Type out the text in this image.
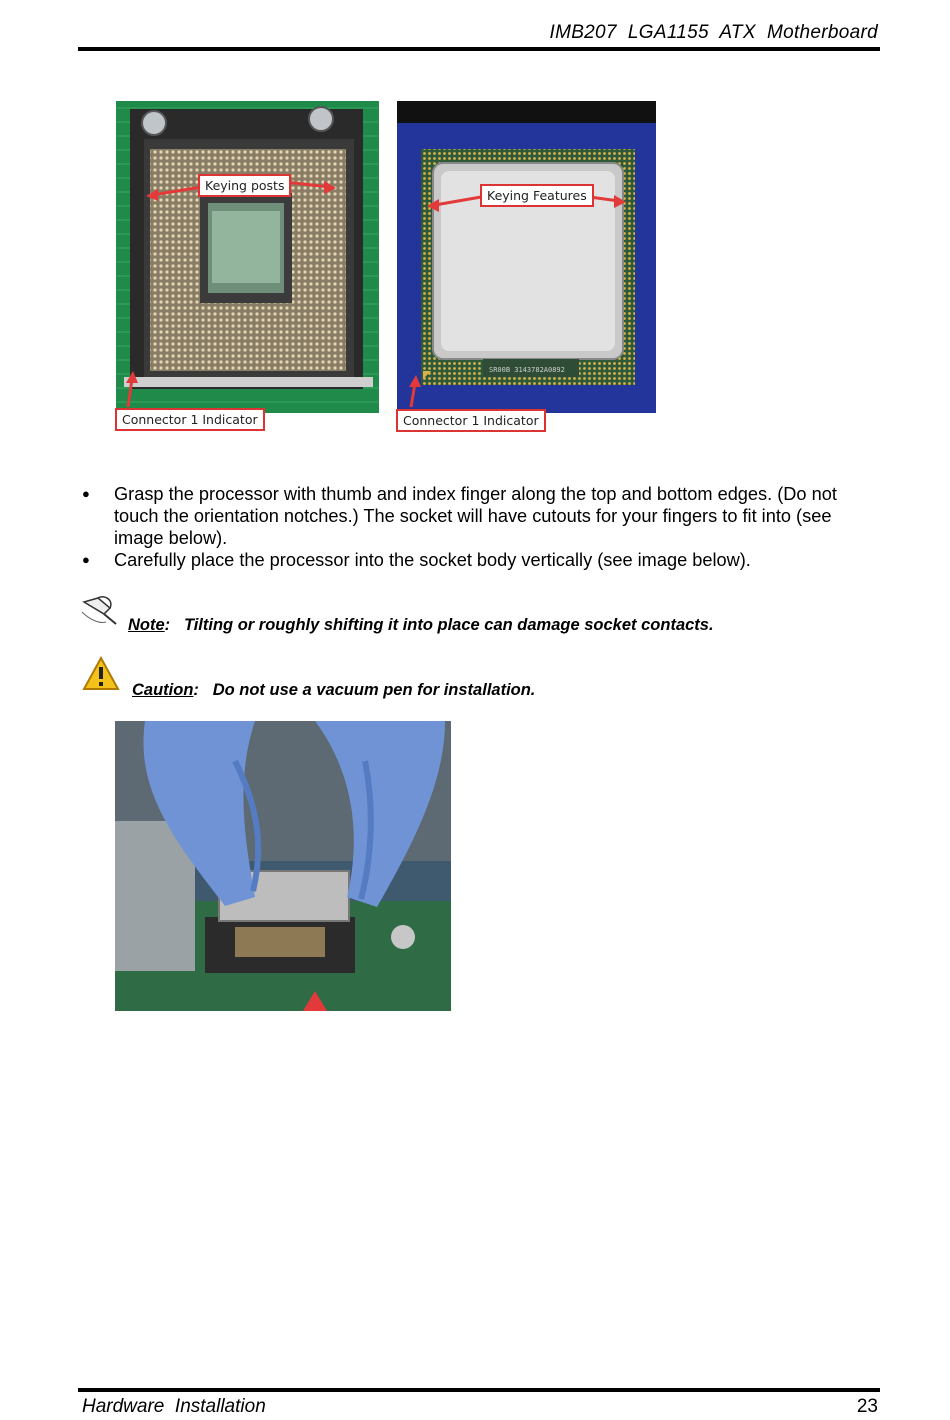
IMB207  LGA1155  ATX  Motherboard
Keying posts
Connector 1 Indicator
SR00B 3143782A0892
Keying Features
Connector 1 Indicator
● Grasp the processor with thumb and index finger along the top and bottom edges. (Do not touch the orientation notches.) The socket will have cutouts for your fingers to fit into (see image below).
● Carefully place the processor into the socket body vertically (see image below).
Note: Tilting or roughly shifting it into place can damage socket contacts.
Caution: Do not use a vacuum pen for installation.
Hardware  Installation	23
